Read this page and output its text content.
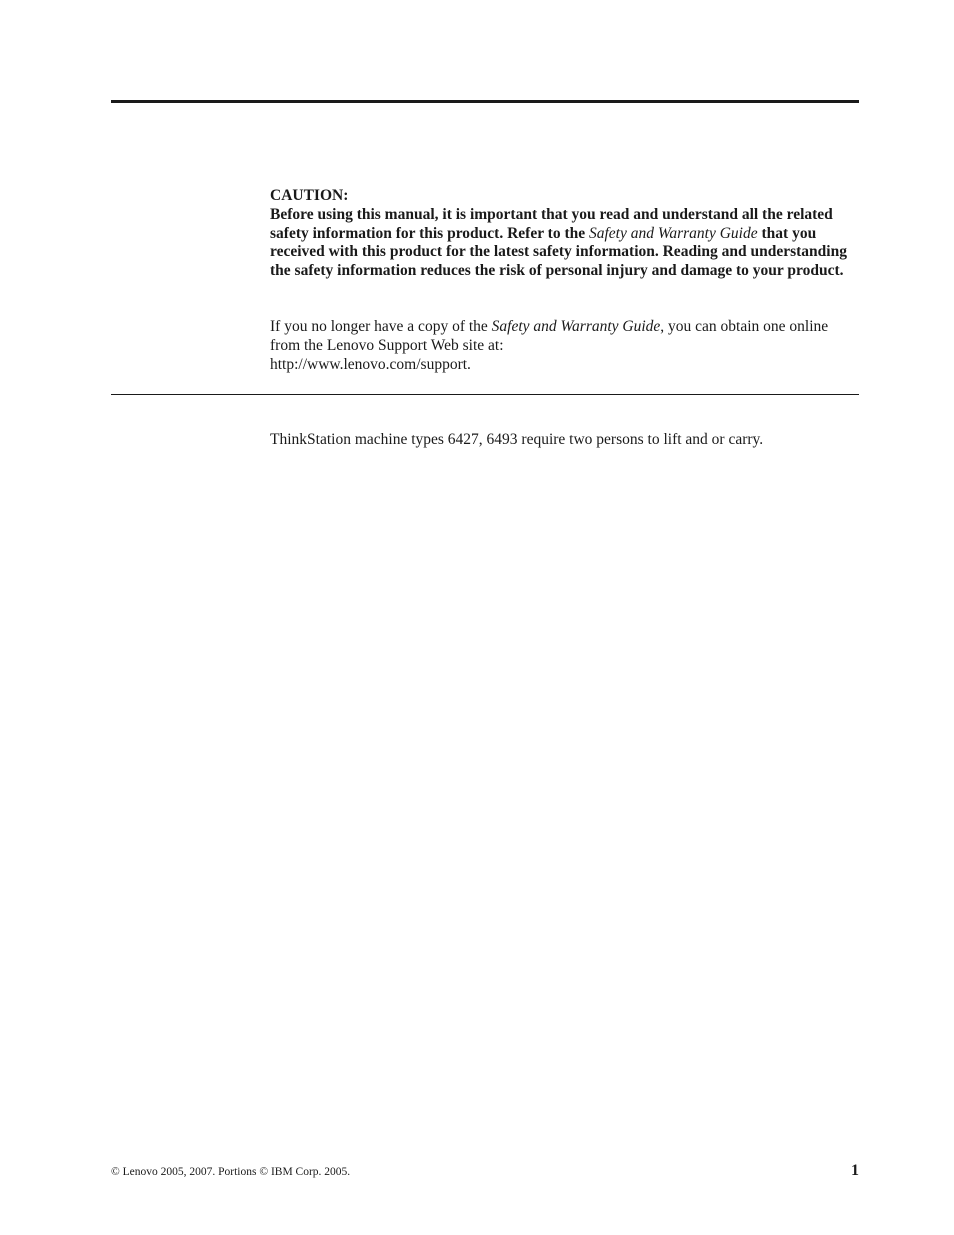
CAUTION:
Before using this manual, it is important that you read and understand all the related safety information for this product. Refer to the Safety and Warranty Guide that you received with this product for the latest safety information. Reading and understanding the safety information reduces the risk of personal injury and damage to your product.
If you no longer have a copy of the Safety and Warranty Guide, you can obtain one online from the Lenovo Support Web site at:
http://www.lenovo.com/support.
ThinkStation machine types 6427, 6493 require two persons to lift and or carry.
© Lenovo 2005, 2007. Portions © IBM Corp. 2005.	1
